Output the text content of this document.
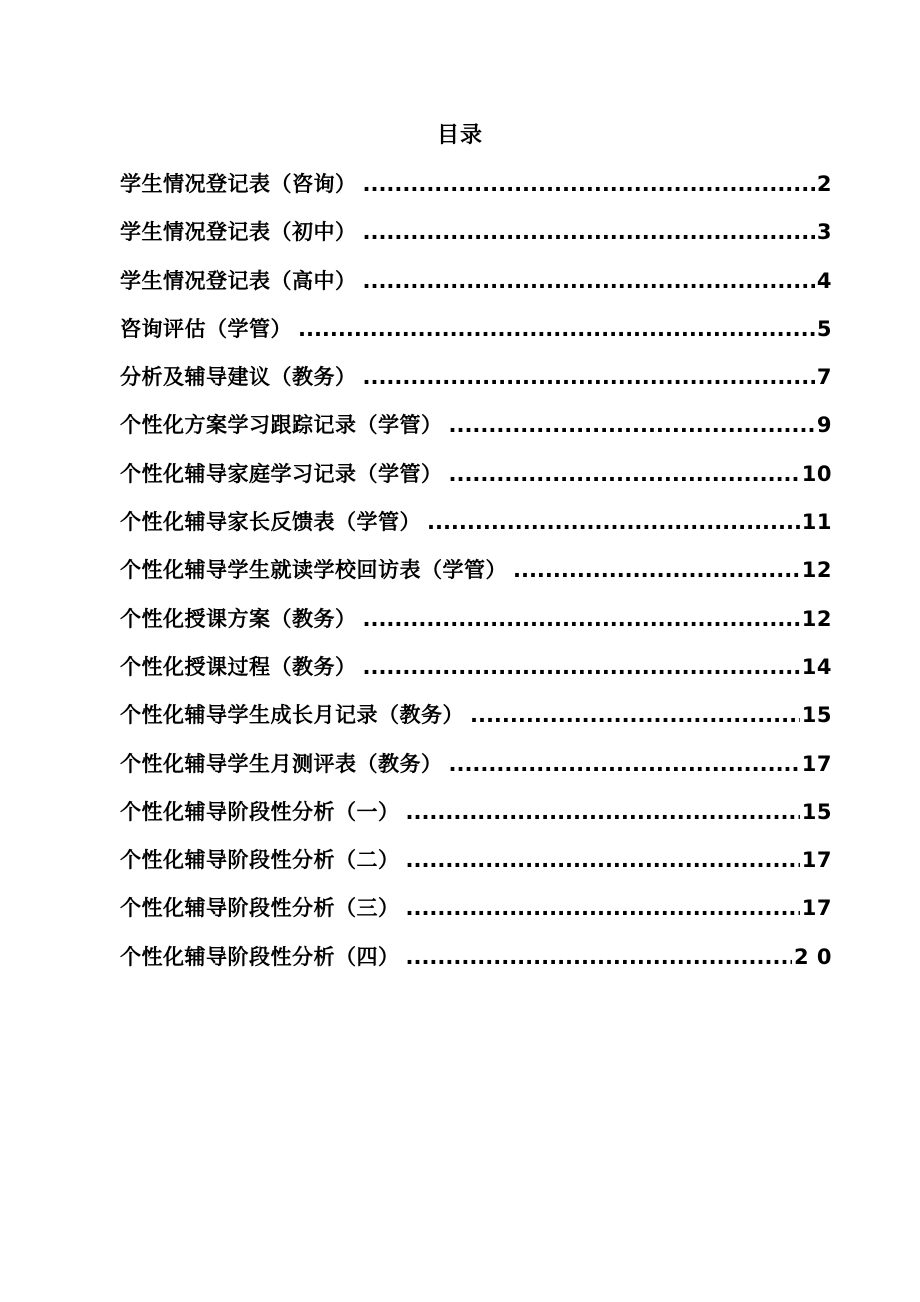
目录
学生情况登记表（咨询） .....	2
学生情况登记表（初中） .....	3
学生情况登记表（高中） .....	4
咨询评估（学管） .....	5
分析及辅导建议（教务） .....	7
个性化方案学习跟踪记录（学管） .....	9
个性化辅导家庭学习记录（学管） .....	10
个性化辅导家长反馈表（学管） .....	11
个性化辅导学生就读学校回访表（学管） .....	12
个性化授课方案（教务） .....	12
个性化授课过程（教务） .....	14
个性化辅导学生成长月记录（教务） .....	15
个性化辅导学生月测评表（教务） .....	17
个性化辅导阶段性分析（一） .....	15
个性化辅导阶段性分析（二） .....	17
个性化辅导阶段性分析（三） .....	17
个性化辅导阶段性分析（四） .....	2 0
